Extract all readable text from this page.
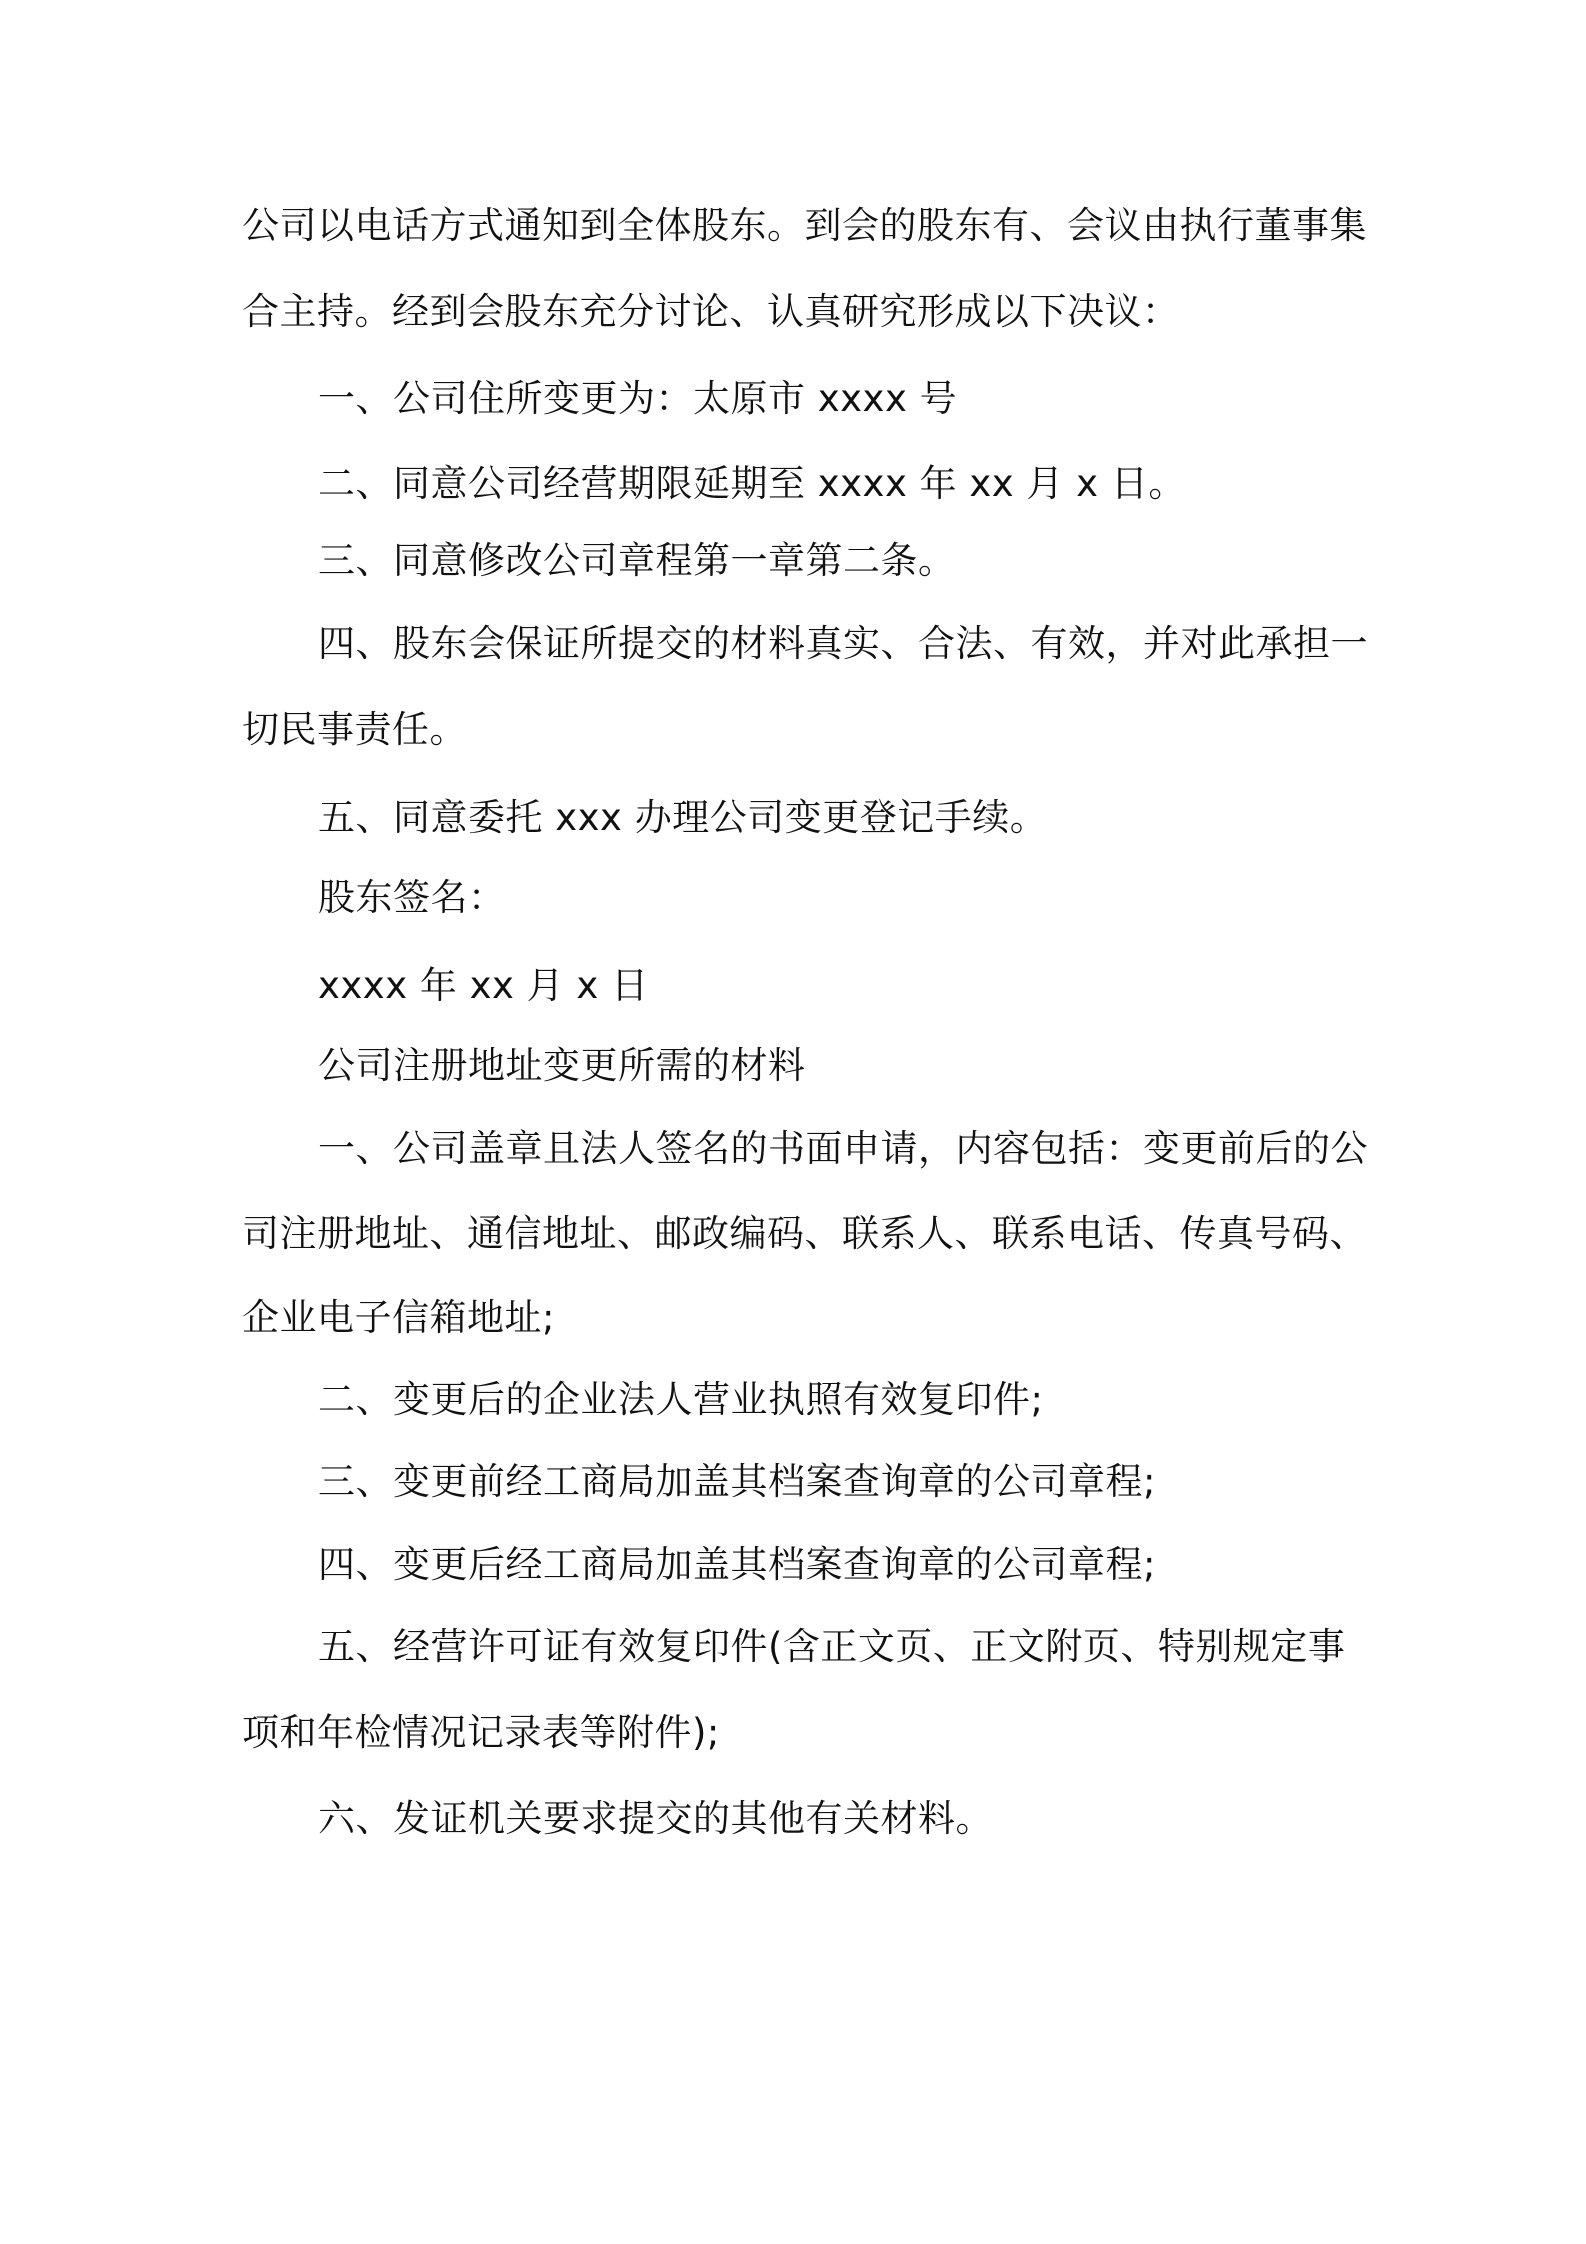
公司以电话方式通知到全体股东。到会的股东有、会议由执行董事集
合主持。经到会股东充分讨论、认真研究形成以下决议：
一、公司住所变更为：太原市 xxxx 号
二、同意公司经营期限延期至 xxxx 年 xx 月 x 日。
三、同意修改公司章程第一章第二条。
四、股东会保证所提交的材料真实、合法、有效，并对此承担一
切民事责任。
五、同意委托 xxx 办理公司变更登记手续。
股东签名：
xxxx 年 xx 月 x 日
公司注册地址变更所需的材料
一、公司盖章且法人签名的书面申请，内容包括：变更前后的公
司注册地址、通信地址、邮政编码、联系人、联系电话、传真号码、
企业电子信箱地址;
二、变更后的企业法人营业执照有效复印件;
三、变更前经工商局加盖其档案查询章的公司章程;
四、变更后经工商局加盖其档案查询章的公司章程;
五、经营许可证有效复印件(含正文页、正文附页、特别规定事
项和年检情况记录表等附件);
六、发证机关要求提交的其他有关材料。
